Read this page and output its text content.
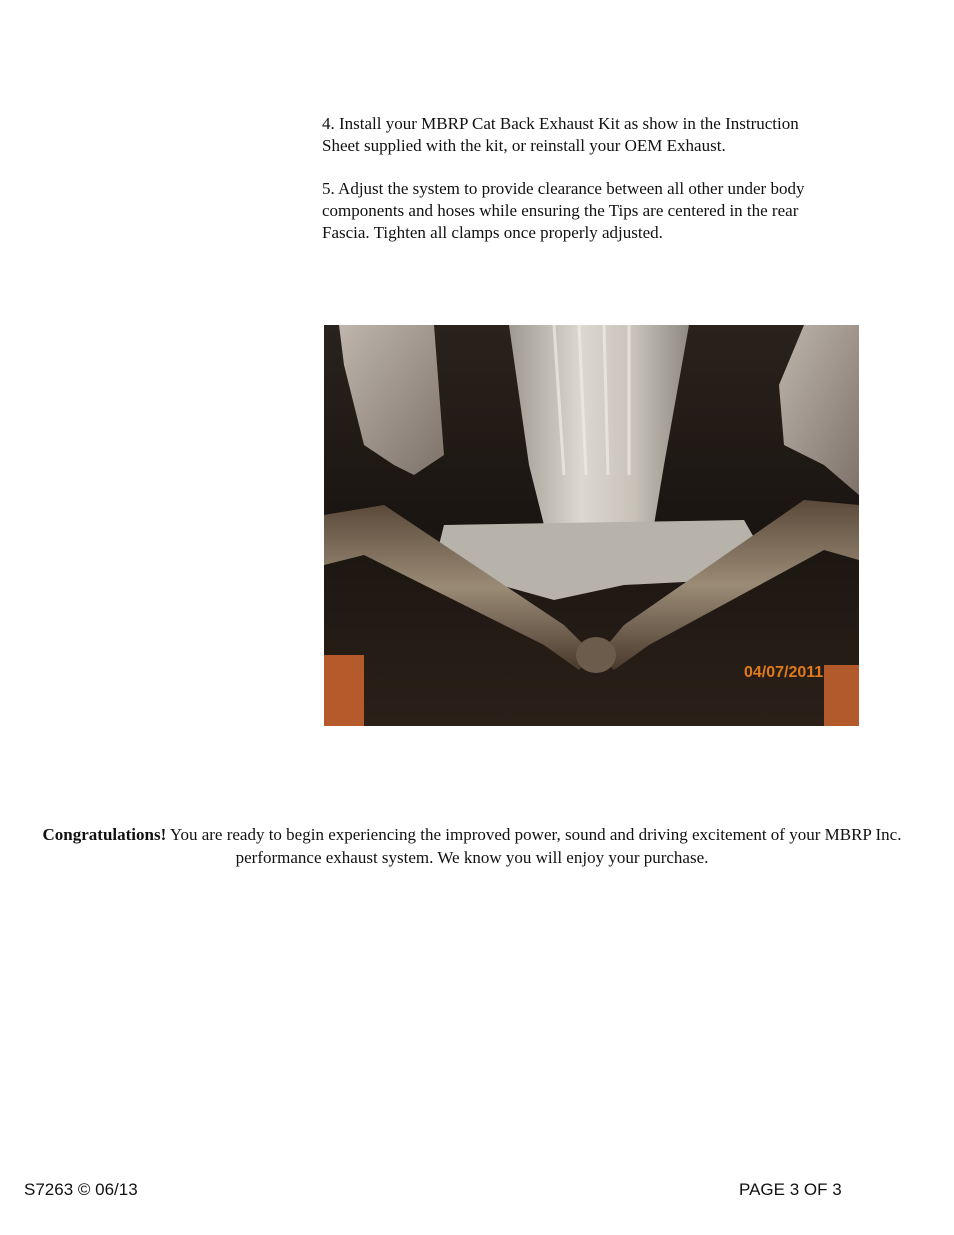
4. Install your MBRP Cat Back Exhaust Kit as show in the Instruction
Sheet supplied with the kit, or reinstall your OEM Exhaust.

5. Adjust the system to provide clearance between all other under body
components and hoses while ensuring the Tips are centered in the rear
Fascia. Tighten all clamps once properly adjusted.

04/07/2011

Congratulations! You are ready to begin experiencing the improved power, sound and driving excitement of your MBRP Inc. performance exhaust system. We know you will enjoy your purchase.

S7263 © 06/13	PAGE 3 OF 3
